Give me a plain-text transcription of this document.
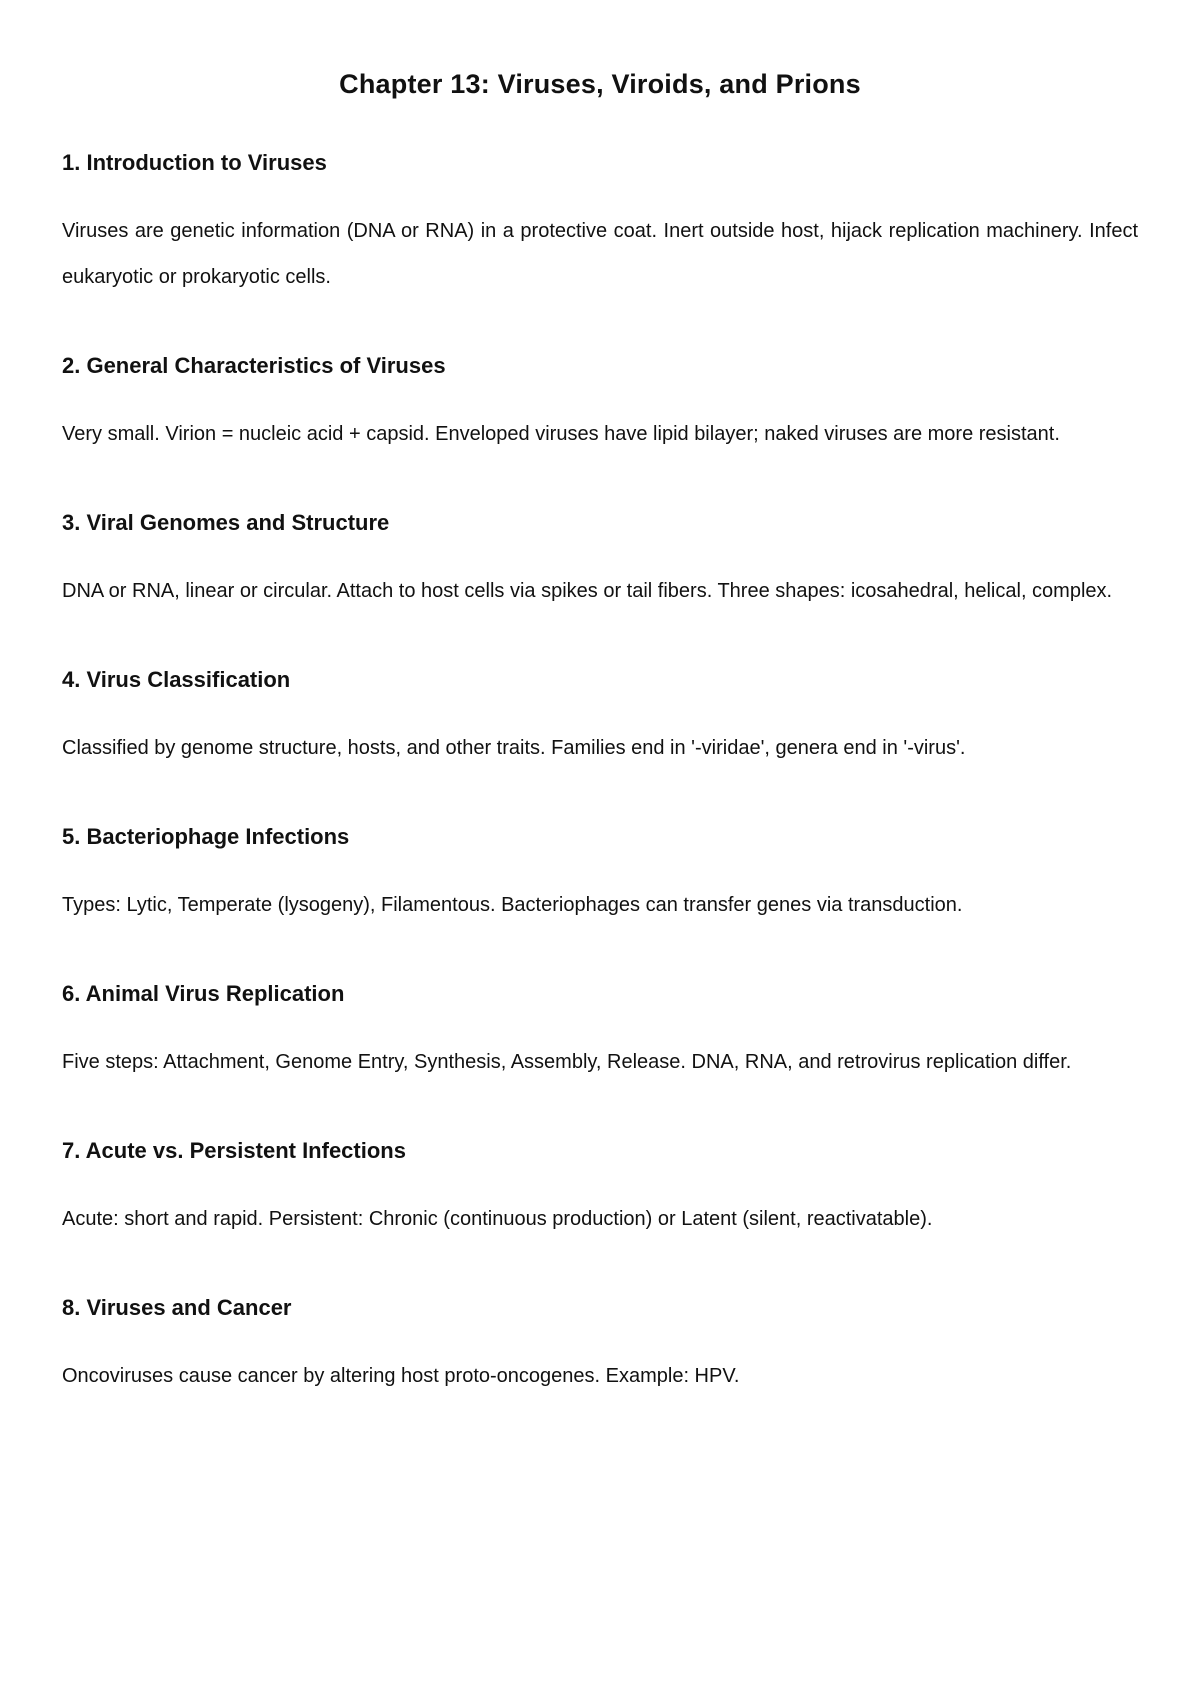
Chapter 13: Viruses, Viroids, and Prions
1. Introduction to Viruses

Viruses are genetic information (DNA or RNA) in a protective coat. Inert outside host, hijack replication machinery. Infect eukaryotic or prokaryotic cells.

2. General Characteristics of Viruses

Very small. Virion = nucleic acid + capsid. Enveloped viruses have lipid bilayer; naked viruses are more resistant.

3. Viral Genomes and Structure

DNA or RNA, linear or circular. Attach to host cells via spikes or tail fibers. Three shapes: icosahedral, helical, complex.

4. Virus Classification

Classified by genome structure, hosts, and other traits. Families end in '-viridae', genera end in '-virus'.

5. Bacteriophage Infections

Types: Lytic, Temperate (lysogeny), Filamentous. Bacteriophages can transfer genes via transduction.

6. Animal Virus Replication

Five steps: Attachment, Genome Entry, Synthesis, Assembly, Release. DNA, RNA, and retrovirus replication differ.

7. Acute vs. Persistent Infections

Acute: short and rapid. Persistent: Chronic (continuous production) or Latent (silent, reactivatable).

8. Viruses and Cancer

Oncoviruses cause cancer by altering host proto-oncogenes. Example: HPV.
